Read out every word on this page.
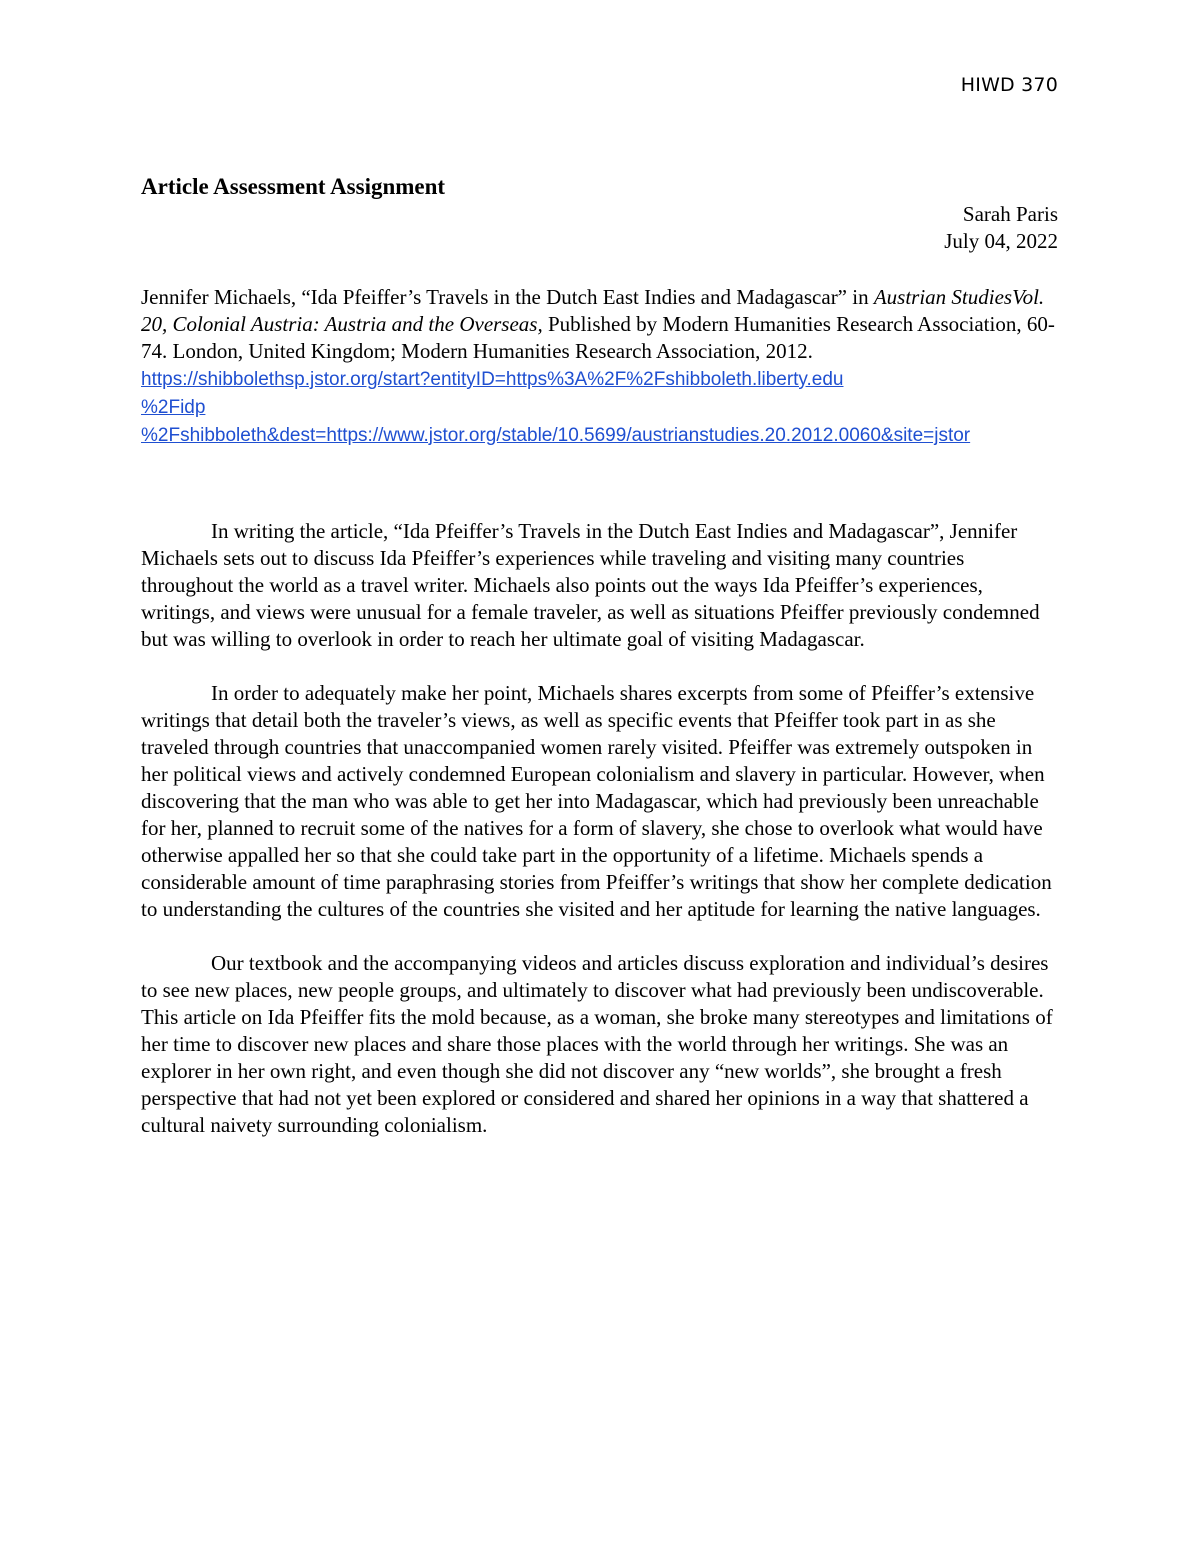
HIWD 370
Article Assessment Assignment
Sarah Paris
July 04, 2022

Jennifer Michaels, “Ida Pfeiffer’s Travels in the Dutch East Indies and Madagascar” in Austrian StudiesVol. 20, Colonial Austria: Austria and the Overseas, Published by Modern Humanities Research Association, 60-74. London, United Kingdom; Modern Humanities Research Association, 2012. https://shibbolethsp.jstor.org/start?entityID=https%3A%2F%2Fshibboleth.liberty.edu
%2Fidp
%2Fshibboleth&dest=https://www.jstor.org/stable/10.5699/austrianstudies.20.2012.0060&site=jstor

In writing the article, “Ida Pfeiffer’s Travels in the Dutch East Indies and Madagascar”, Jennifer Michaels sets out to discuss Ida Pfeiffer’s experiences while traveling and visiting many countries throughout the world as a travel writer. Michaels also points out the ways Ida Pfeiffer’s experiences, writings, and views were unusual for a female traveler, as well as situations Pfeiffer previously condemned but was willing to overlook in order to reach her ultimate goal of visiting Madagascar.

In order to adequately make her point, Michaels shares excerpts from some of Pfeiffer’s extensive writings that detail both the traveler’s views, as well as specific events that Pfeiffer took part in as she traveled through countries that unaccompanied women rarely visited. Pfeiffer was extremely outspoken in her political views and actively condemned European colonialism and slavery in particular. However, when discovering that the man who was able to get her into Madagascar, which had previously been unreachable for her, planned to recruit some of the natives for a form of slavery, she chose to overlook what would have otherwise appalled her so that she could take part in the opportunity of a lifetime. Michaels spends a considerable amount of time paraphrasing stories from Pfeiffer’s writings that show her complete dedication to understanding the cultures of the countries she visited and her aptitude for learning the native languages.

Our textbook and the accompanying videos and articles discuss exploration and individual’s desires to see new places, new people groups, and ultimately to discover what had previously been undiscoverable. This article on Ida Pfeiffer fits the mold because, as a woman, she broke many stereotypes and limitations of her time to discover new places and share those places with the world through her writings. She was an explorer in her own right, and even though she did not discover any “new worlds”, she brought a fresh perspective that had not yet been explored or considered and shared her opinions in a way that shattered a cultural naivety surrounding colonialism.
